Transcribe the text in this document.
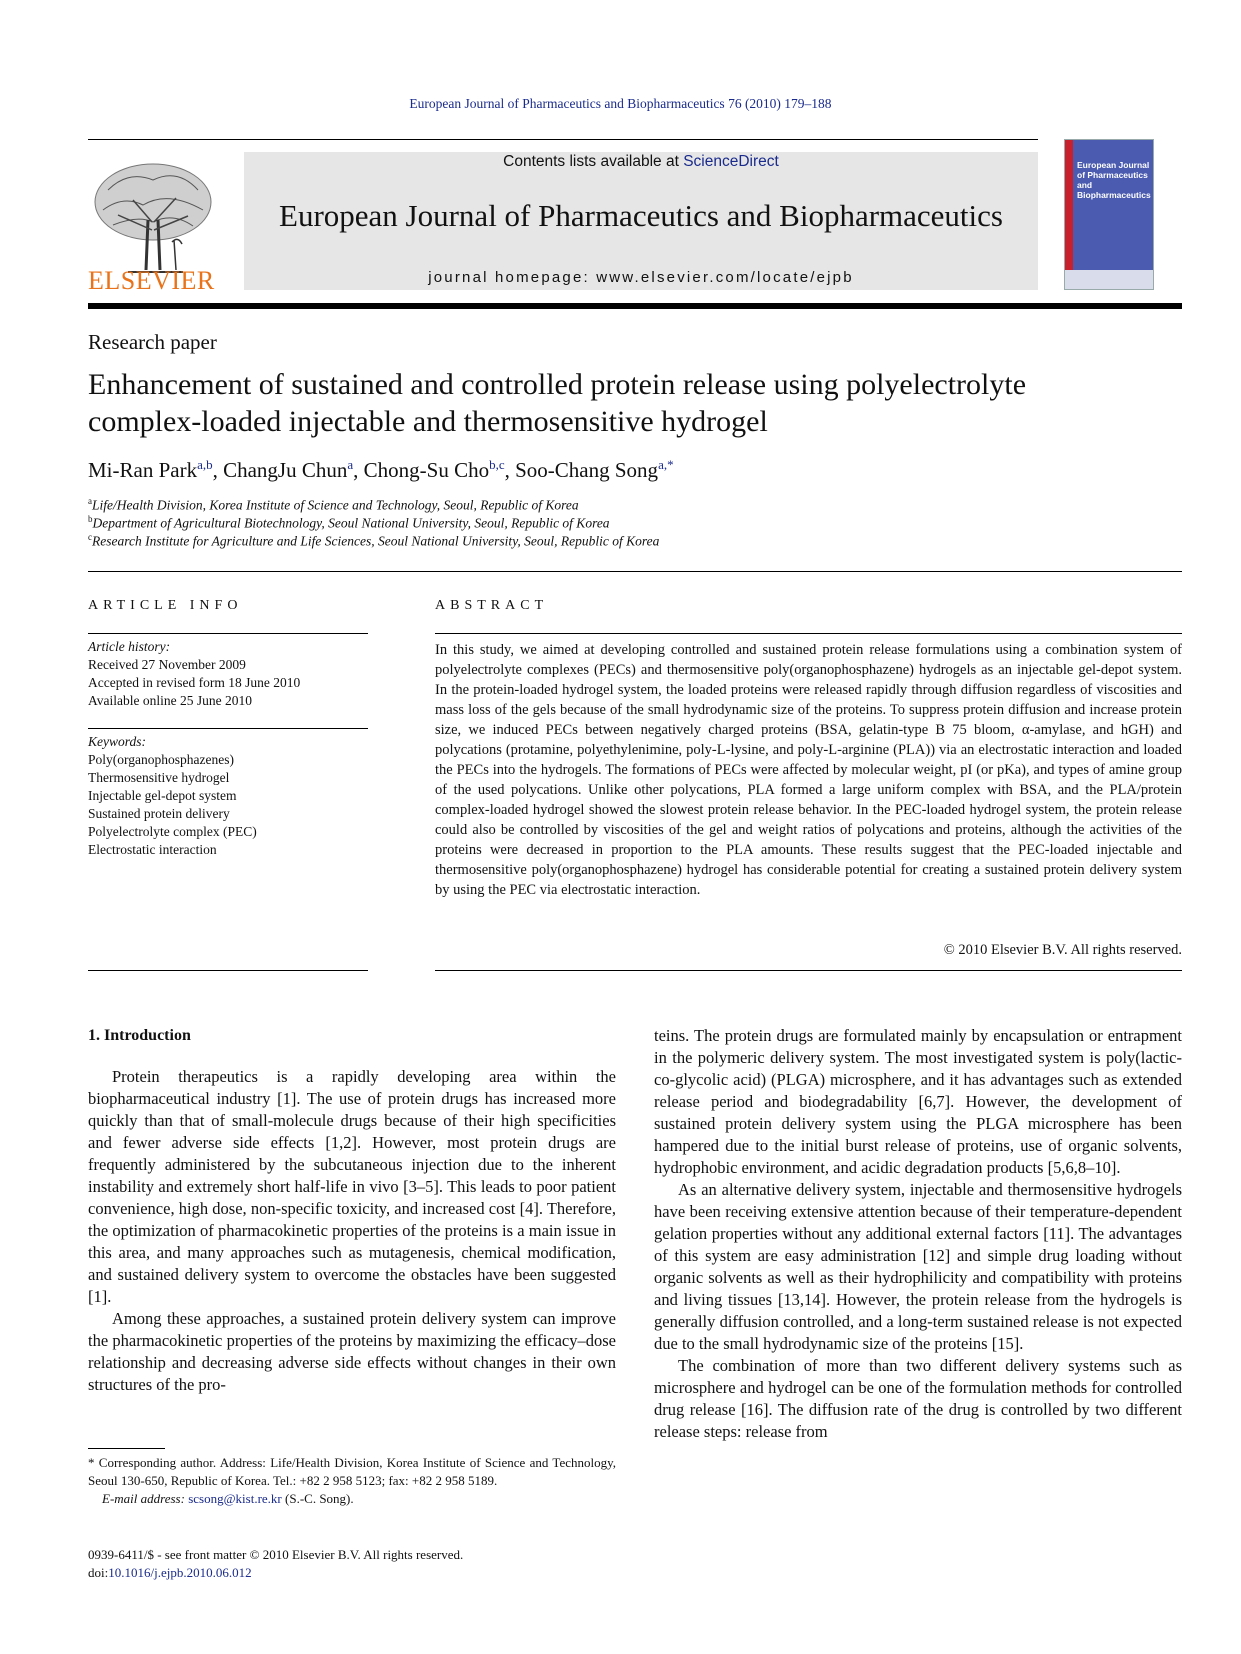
European Journal of Pharmaceutics and Biopharmaceutics 76 (2010) 179–188
ELSEVIER
Contents lists available at ScienceDirect
European Journal of Pharmaceutics and Biopharmaceutics
journal homepage: www.elsevier.com/locate/ejpb
European Journal of Pharmaceutics and Biopharmaceutics
Research paper
Enhancement of sustained and controlled protein release using polyelectrolyte
complex-loaded injectable and thermosensitive hydrogel
Mi-Ran Park$^{a,b}$, ChangJu Chun$^a$, Chong-Su Cho$^{b,c}$, Soo-Chang Song$^{a,*}$
$^a$Life/Health Division, Korea Institute of Science and Technology, Seoul, Republic of Korea
$^b$Department of Agricultural Biotechnology, Seoul National University, Seoul, Republic of Korea
$^c$Research Institute for Agriculture and Life Sciences, Seoul National University, Seoul, Republic of Korea
ARTICLE INFO
Article history:
Received 27 November 2009
Accepted in revised form 18 June 2010
Available online 25 June 2010
Keywords:
Poly(organophosphazenes)
Thermosensitive hydrogel
Injectable gel-depot system
Sustained protein delivery
Polyelectrolyte complex (PEC)
Electrostatic interaction
ABSTRACT
In this study, we aimed at developing controlled and sustained protein release formulations using a combination system of polyelectrolyte complexes (PECs) and thermosensitive poly(organophosphazene) hydrogels as an injectable gel-depot system. In the protein-loaded hydrogel system, the loaded proteins were released rapidly through diffusion regardless of viscosities and mass loss of the gels because of the small hydrodynamic size of the proteins. To suppress protein diffusion and increase protein size, we induced PECs between negatively charged proteins (BSA, gelatin-type B 75 bloom, α-amylase, and hGH) and polycations (protamine, polyethylenimine, poly-L-lysine, and poly-L-arginine (PLA)) via an electrostatic interaction and loaded the PECs into the hydrogels. The formations of PECs were affected by molecular weight, pI (or pKa), and types of amine group of the used polycations. Unlike other polycations, PLA formed a large uniform complex with BSA, and the PLA/protein complex-loaded hydrogel showed the slowest protein release behavior. In the PEC-loaded hydrogel system, the protein release could also be controlled by viscosities of the gel and weight ratios of polycations and proteins, although the activities of the proteins were decreased in proportion to the PLA amounts. These results suggest that the PEC-loaded injectable and thermosensitive poly(organophosphazene) hydrogel has considerable potential for creating a sustained protein delivery system by using the PEC via electrostatic interaction.
© 2010 Elsevier B.V. All rights reserved.
1. Introduction

Protein therapeutics is a rapidly developing area within the biopharmaceutical industry [1]. The use of protein drugs has increased more quickly than that of small-molecule drugs because of their high specificities and fewer adverse side effects [1,2]. However, most protein drugs are frequently administered by the subcutaneous injection due to the inherent instability and extremely short half-life in vivo [3–5]. This leads to poor patient convenience, high dose, non-specific toxicity, and increased cost [4]. Therefore, the optimization of pharmacokinetic properties of the proteins is a main issue in this area, and many approaches such as mutagenesis, chemical modification, and sustained delivery system to overcome the obstacles have been suggested [1].

Among these approaches, a sustained protein delivery system can improve the pharmacokinetic properties of the proteins by maximizing the efficacy–dose relationship and decreasing adverse side effects without changes in their own structures of the pro-

teins. The protein drugs are formulated mainly by encapsulation or entrapment in the polymeric delivery system. The most investigated system is poly(lactic-co-glycolic acid) (PLGA) microsphere, and it has advantages such as extended release period and biodegradability [6,7]. However, the development of sustained protein delivery system using the PLGA microsphere has been hampered due to the initial burst release of proteins, use of organic solvents, hydrophobic environment, and acidic degradation products [5,6,8–10].

As an alternative delivery system, injectable and thermosensitive hydrogels have been receiving extensive attention because of their temperature-dependent gelation properties without any additional external factors [11]. The advantages of this system are easy administration [12] and simple drug loading without organic solvents as well as their hydrophilicity and compatibility with proteins and living tissues [13,14]. However, the protein release from the hydrogels is generally diffusion controlled, and a long-term sustained release is not expected due to the small hydrodynamic size of the proteins [15].

The combination of more than two different delivery systems such as microsphere and hydrogel can be one of the formulation methods for controlled drug release [16]. The diffusion rate of the drug is controlled by two different release steps: release from

* Corresponding author. Address: Life/Health Division, Korea Institute of Science and Technology, Seoul 130-650, Republic of Korea. Tel.: +82 2 958 5123; fax: +82 2 958 5189.
E-mail address: scsong@kist.re.kr (S.-C. Song).
0939-6411/$ - see front matter © 2010 Elsevier B.V. All rights reserved.
doi:10.1016/j.ejpb.2010.06.012
